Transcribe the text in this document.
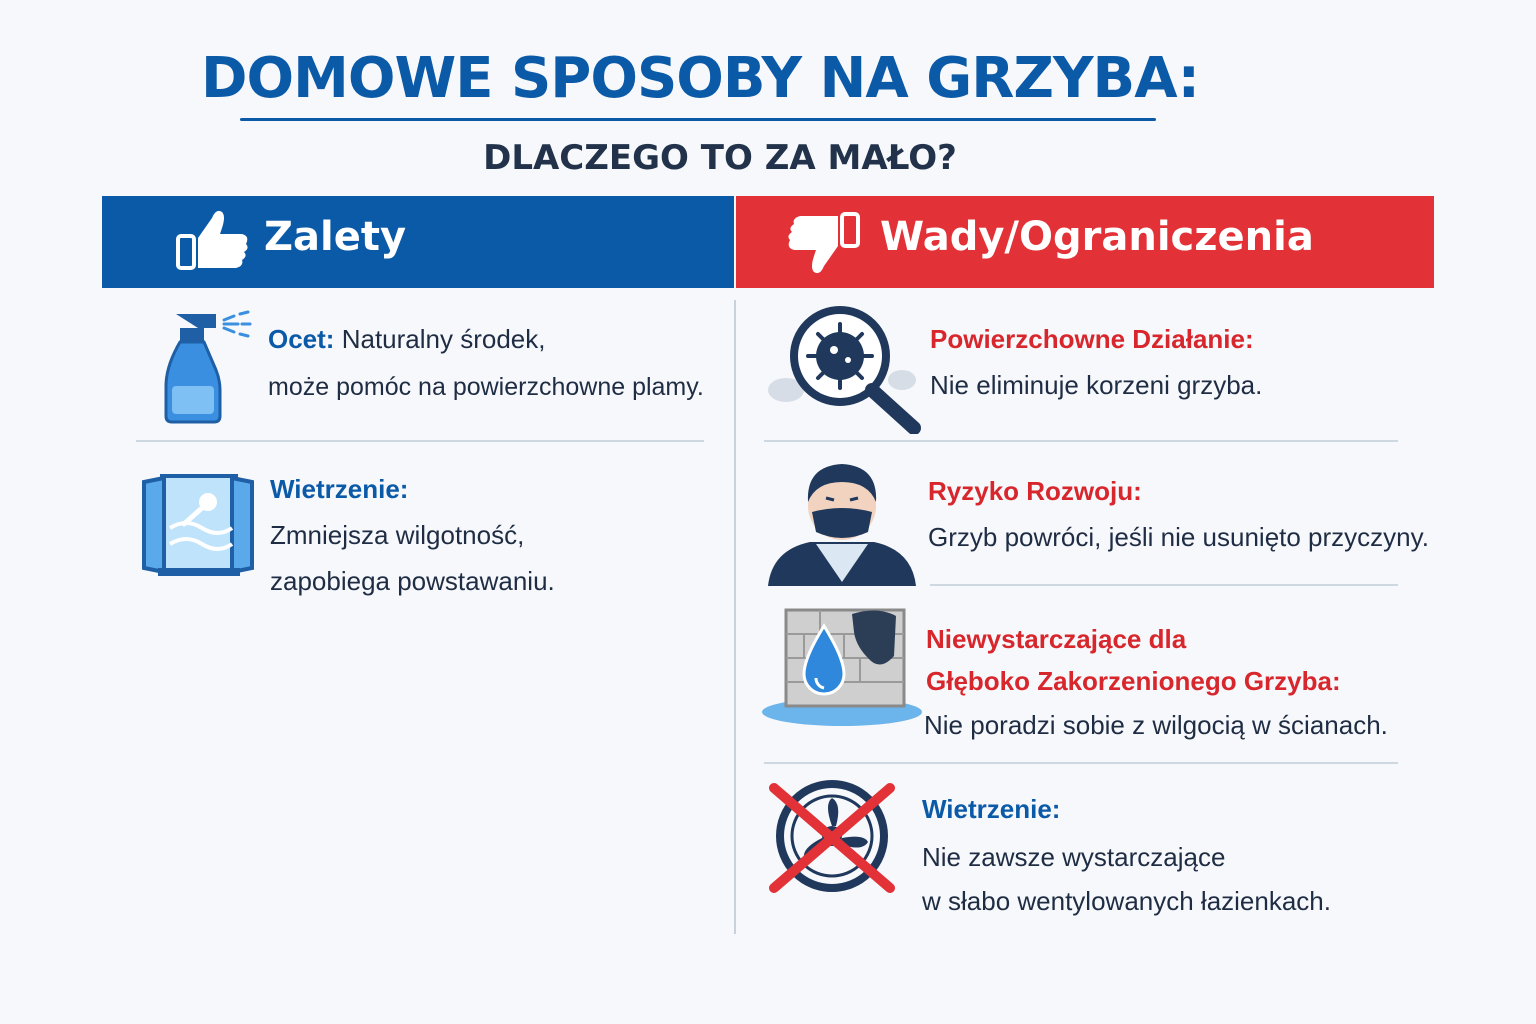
DOMOWE SPOSOBY NA GRZYBA:
DLACZEGO TO ZA MAŁO?
Zalety	Wady/Ograniczenia
Ocet: Naturalny środek,
może pomóc na powierzchowne plamy.
Wietrzenie:
Zmniejsza wilgotność,
zapobiega powstawaniu.
Powierzchowne Działanie:
Nie eliminuje korzeni grzyba.
Ryzyko Rozwoju:
Grzyb powróci, jeśli nie usunięto przyczyny.
Niewystarczające dla
Głęboko Zakorzenionego Grzyba:
Nie poradzi sobie z wilgocią w ścianach.
Wietrzenie:
Nie zawsze wystarczające
w słabo wentylowanych łazienkach.
